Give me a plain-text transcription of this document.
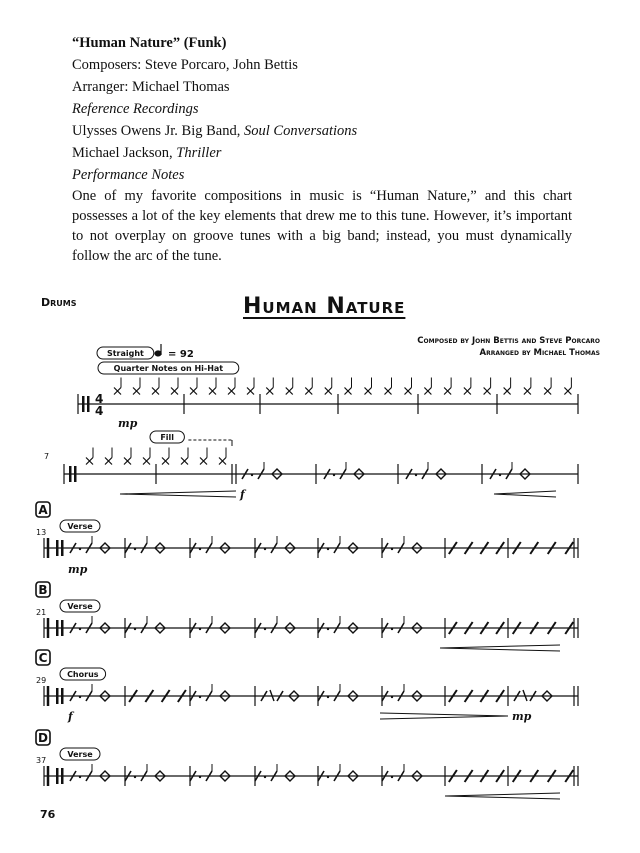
“Human Nature” (Funk)

Composers: Steve Porcaro, John Bettis

Arranger: Michael Thomas

Reference Recordings

Ulysses Owens Jr. Big Band, Soul Conversations

Michael Jackson, Thriller

Performance Notes

One of my favorite compositions in music is “Human Nature,” and this chart possesses a lot of the key elements that drew me to this tune. However, it’s important to not overplay on groove tunes with a big band; instead, you must dynamically follow the arc of the tune.

Drums	Human Nature
Composed by John Bettis and Steve Porcaro
Arranged by Michael Thomas
Straight = 92
Quarter Notes on Hi-Hat
4
4
mp
7
Fill
f
A
13
Verse
mp
B
21
Verse
C
29
Chorus
f	mp
D
37
Verse
76
